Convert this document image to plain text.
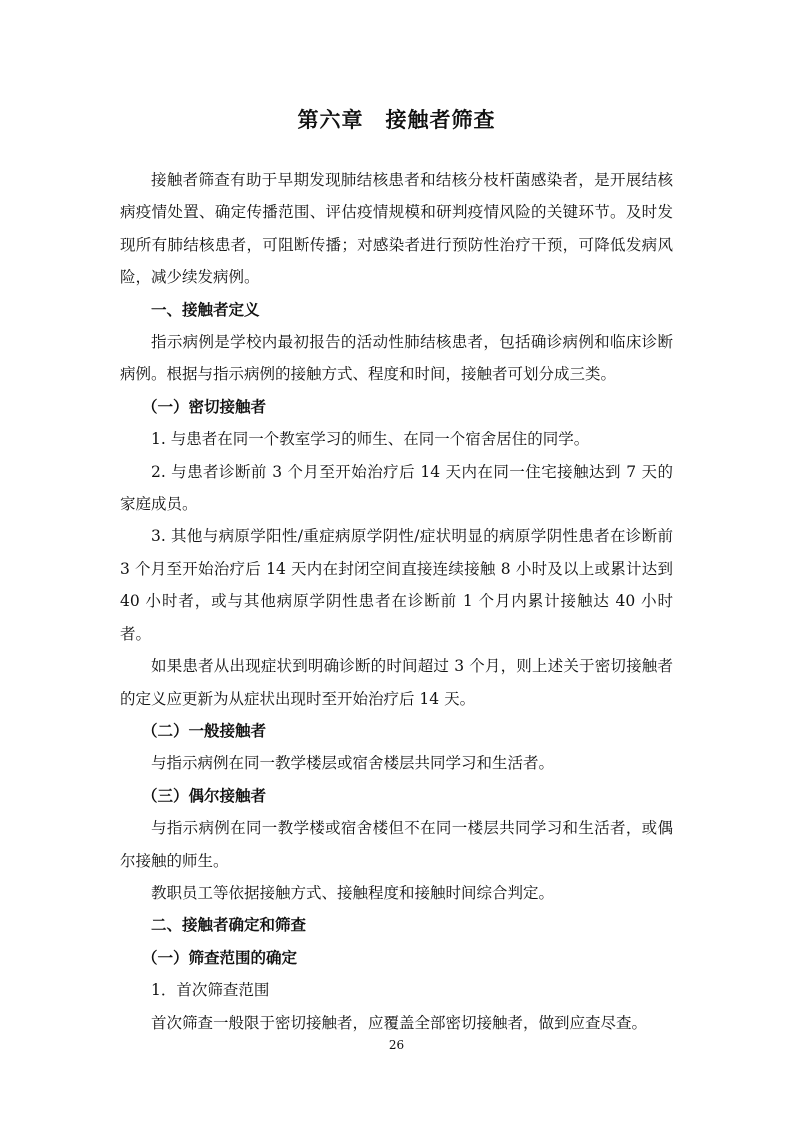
第六章 接触者筛查

接触者筛查有助于早期发现肺结核患者和结核分枝杆菌感染者，是开展结核病疫情处置、确定传播范围、评估疫情规模和研判疫情风险的关键环节。及时发现所有肺结核患者，可阻断传播；对感染者进行预防性治疗干预，可降低发病风险，减少续发病例。

一、接触者定义

指示病例是学校内最初报告的活动性肺结核患者，包括确诊病例和临床诊断病例。根据与指示病例的接触方式、程度和时间，接触者可划分成三类。

（一）密切接触者

1. 与患者在同一个教室学习的师生、在同一个宿舍居住的同学。

2. 与患者诊断前 3 个月至开始治疗后 14 天内在同一住宅接触达到 7 天的家庭成员。

3. 其他与病原学阳性/重症病原学阴性/症状明显的病原学阴性患者在诊断前 3 个月至开始治疗后 14 天内在封闭空间直接连续接触 8 小时及以上或累计达到 40 小时者，或与其他病原学阴性患者在诊断前 1 个月内累计接触达 40 小时者。

如果患者从出现症状到明确诊断的时间超过 3 个月，则上述关于密切接触者的定义应更新为从症状出现时至开始治疗后 14 天。

（二）一般接触者

与指示病例在同一教学楼层或宿舍楼层共同学习和生活者。

（三）偶尔接触者

与指示病例在同一教学楼或宿舍楼但不在同一楼层共同学习和生活者，或偶尔接触的师生。

教职员工等依据接触方式、接触程度和接触时间综合判定。

二、接触者确定和筛查

（一）筛查范围的确定

1．首次筛查范围

首次筛查一般限于密切接触者，应覆盖全部密切接触者，做到应查尽查。

26
